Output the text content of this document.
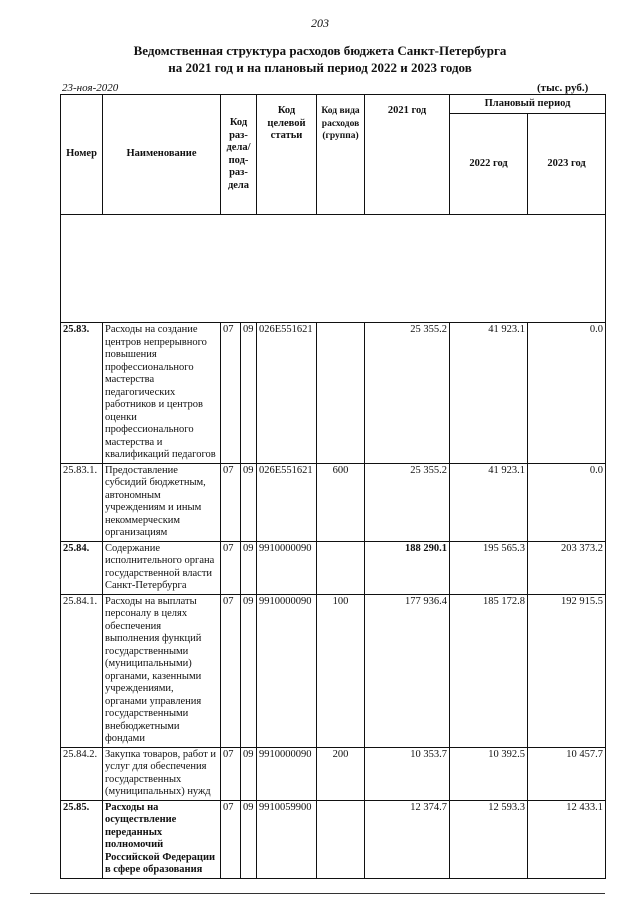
203
Ведомственная структура расходов бюджета Санкт-Петербурга
на 2021 год и на плановый период 2022 и 2023 годов
23-ноя-2020	(тыс. руб.)
Номер	Наименование	Код раз-дела/ под-раз-дела		Код целевой статьи	Код вида расходов (группа)	2021 год	Плановый период	
							2022 год	2023 год

25.83.	Расходы на создание центров непрерывного повышения профессионального мастерства педагогических работников и центров оценки профессионального мастерства и квалификаций педагогов	07	09	026E551621		25 355.2	41 923.1	0.0
25.83.1.	Предоставление субсидий бюджетным, автономным учреждениям и иным некоммерческим организациям	07	09	026E551621	600	25 355.2	41 923.1	0.0
25.84.	Содержание исполнительного органа государственной власти Санкт-Петербурга	07	09	9910000090		188 290.1	195 565.3	203 373.2
25.84.1.	Расходы на выплаты персоналу в целях обеспечения выполнения функций государственными (муниципальными) органами, казенными учреждениями, органами управления государственными внебюджетными фондами	07	09	9910000090	100	177 936.4	185 172.8	192 915.5
25.84.2.	Закупка товаров, работ и услуг для обеспечения государственных (муниципальных) нужд	07	09	9910000090	200	10 353.7	10 392.5	10 457.7
25.85.	Расходы на осуществление переданных полномочий Российской Федерации в сфере образования	07	09	9910059900		12 374.7	12 593.3	12 433.1
